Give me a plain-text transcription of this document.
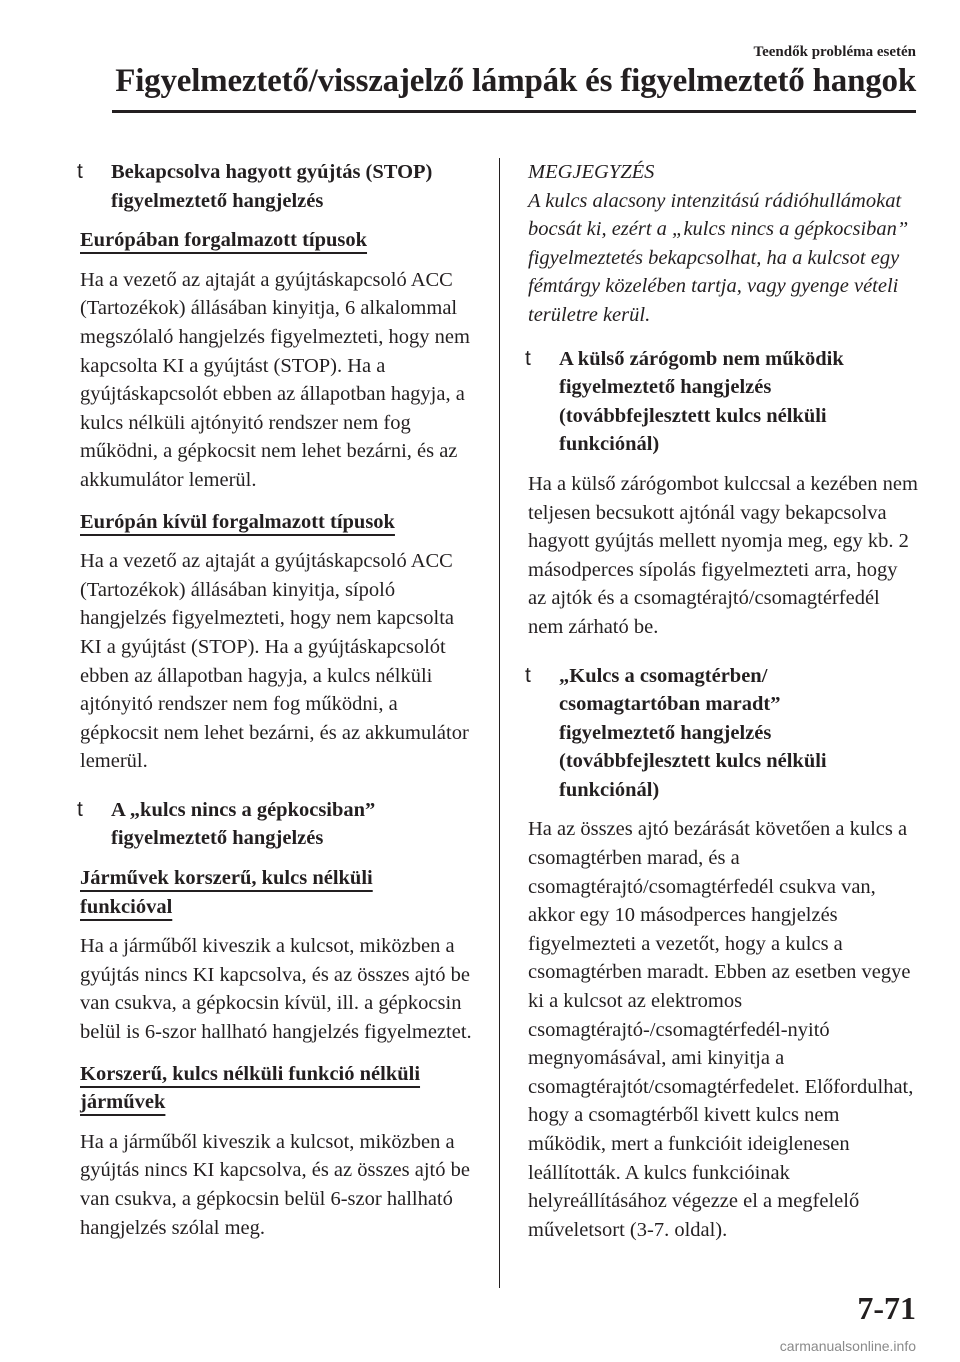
Teendők probléma esetén
Figyelmeztető/visszajelző lámpák és figyelmeztető hangok
t Bekapcsolva hagyott gyújtás (STOP) figyelmeztető hangjelzés
Európában forgalmazott típusok

Ha a vezető az ajtaját a gyújtáskapcsoló ACC (Tartozékok) állásában kinyitja, 6 alkalommal megszólaló hangjelzés figyelmezteti, hogy nem kapcsolta KI a gyújtást (STOP). Ha a gyújtáskapcsolót ebben az állapotban hagyja, a kulcs nélküli ajtónyitó rendszer nem fog működni, a gépkocsit nem lehet bezárni, és az akkumulátor lemerül.

Európán kívül forgalmazott típusok

Ha a vezető az ajtaját a gyújtáskapcsoló ACC (Tartozékok) állásában kinyitja, sípoló hangjelzés figyelmezteti, hogy nem kapcsolta KI a gyújtást (STOP). Ha a gyújtáskapcsolót ebben az állapotban hagyja, a kulcs nélküli ajtónyitó rendszer nem fog működni, a gépkocsit nem lehet bezárni, és az akkumulátor lemerül.

t A „kulcs nincs a gépkocsiban” figyelmeztető hangjelzés
Járművek korszerű, kulcs nélküli funkcióval

Ha a járműből kiveszik a kulcsot, miközben a gyújtás nincs KI kapcsolva, és az összes ajtó be van csukva, a gépkocsin kívül, ill. a gépkocsin belül is 6-szor hallható hangjelzés figyelmeztet.

Korszerű, kulcs nélküli funkció nélküli járművek

Ha a járműből kiveszik a kulcsot, miközben a gyújtás nincs KI kapcsolva, és az összes ajtó be van csukva, a gépkocsin belül 6-szor hallható hangjelzés szólal meg.

MEGJEGYZÉS

A kulcs alacsony intenzitású rádióhullámokat bocsát ki, ezért a „kulcs nincs a gépkocsiban” figyelmeztetés bekapcsolhat, ha a kulcsot egy fémtárgy közelében tartja, vagy gyenge vételi területre kerül.

t A külső zárógomb nem működik figyelmeztető hangjelzés (továbbfejlesztett kulcs nélküli funkciónál)

Ha a külső zárógombot kulccsal a kezében nem teljesen becsukott ajtónál vagy bekapcsolva hagyott gyújtás mellett nyomja meg, egy kb. 2 másodperces sípolás figyelmezteti arra, hogy az ajtók és a csomagtérajtó/csomagtérfedél nem zárható be.

t „Kulcs a csomagtérben/ csomagtartóban maradt” figyelmeztető hangjelzés (továbbfejlesztett kulcs nélküli funkciónál)

Ha az összes ajtó bezárását követően a kulcs a csomagtérben marad, és a csomagtérajtó/csomagtérfedél csukva van, akkor egy 10 másodperces hangjelzés figyelmezteti a vezetőt, hogy a kulcs a csomagtérben maradt. Ebben az esetben vegye ki a kulcsot az elektromos csomagtérajtó-/csomagtérfedél-nyitó megnyomásával, ami kinyitja a csomagtérajtót/csomagtérfedelet. Előfordulhat, hogy a csomagtérből kivett kulcs nem működik, mert a funkcióit ideiglenesen leállították. A kulcs funkcióinak helyreállításához végezze el a megfelelő műveletsort (3-7. oldal).

7-71
carmanualsonline.info
